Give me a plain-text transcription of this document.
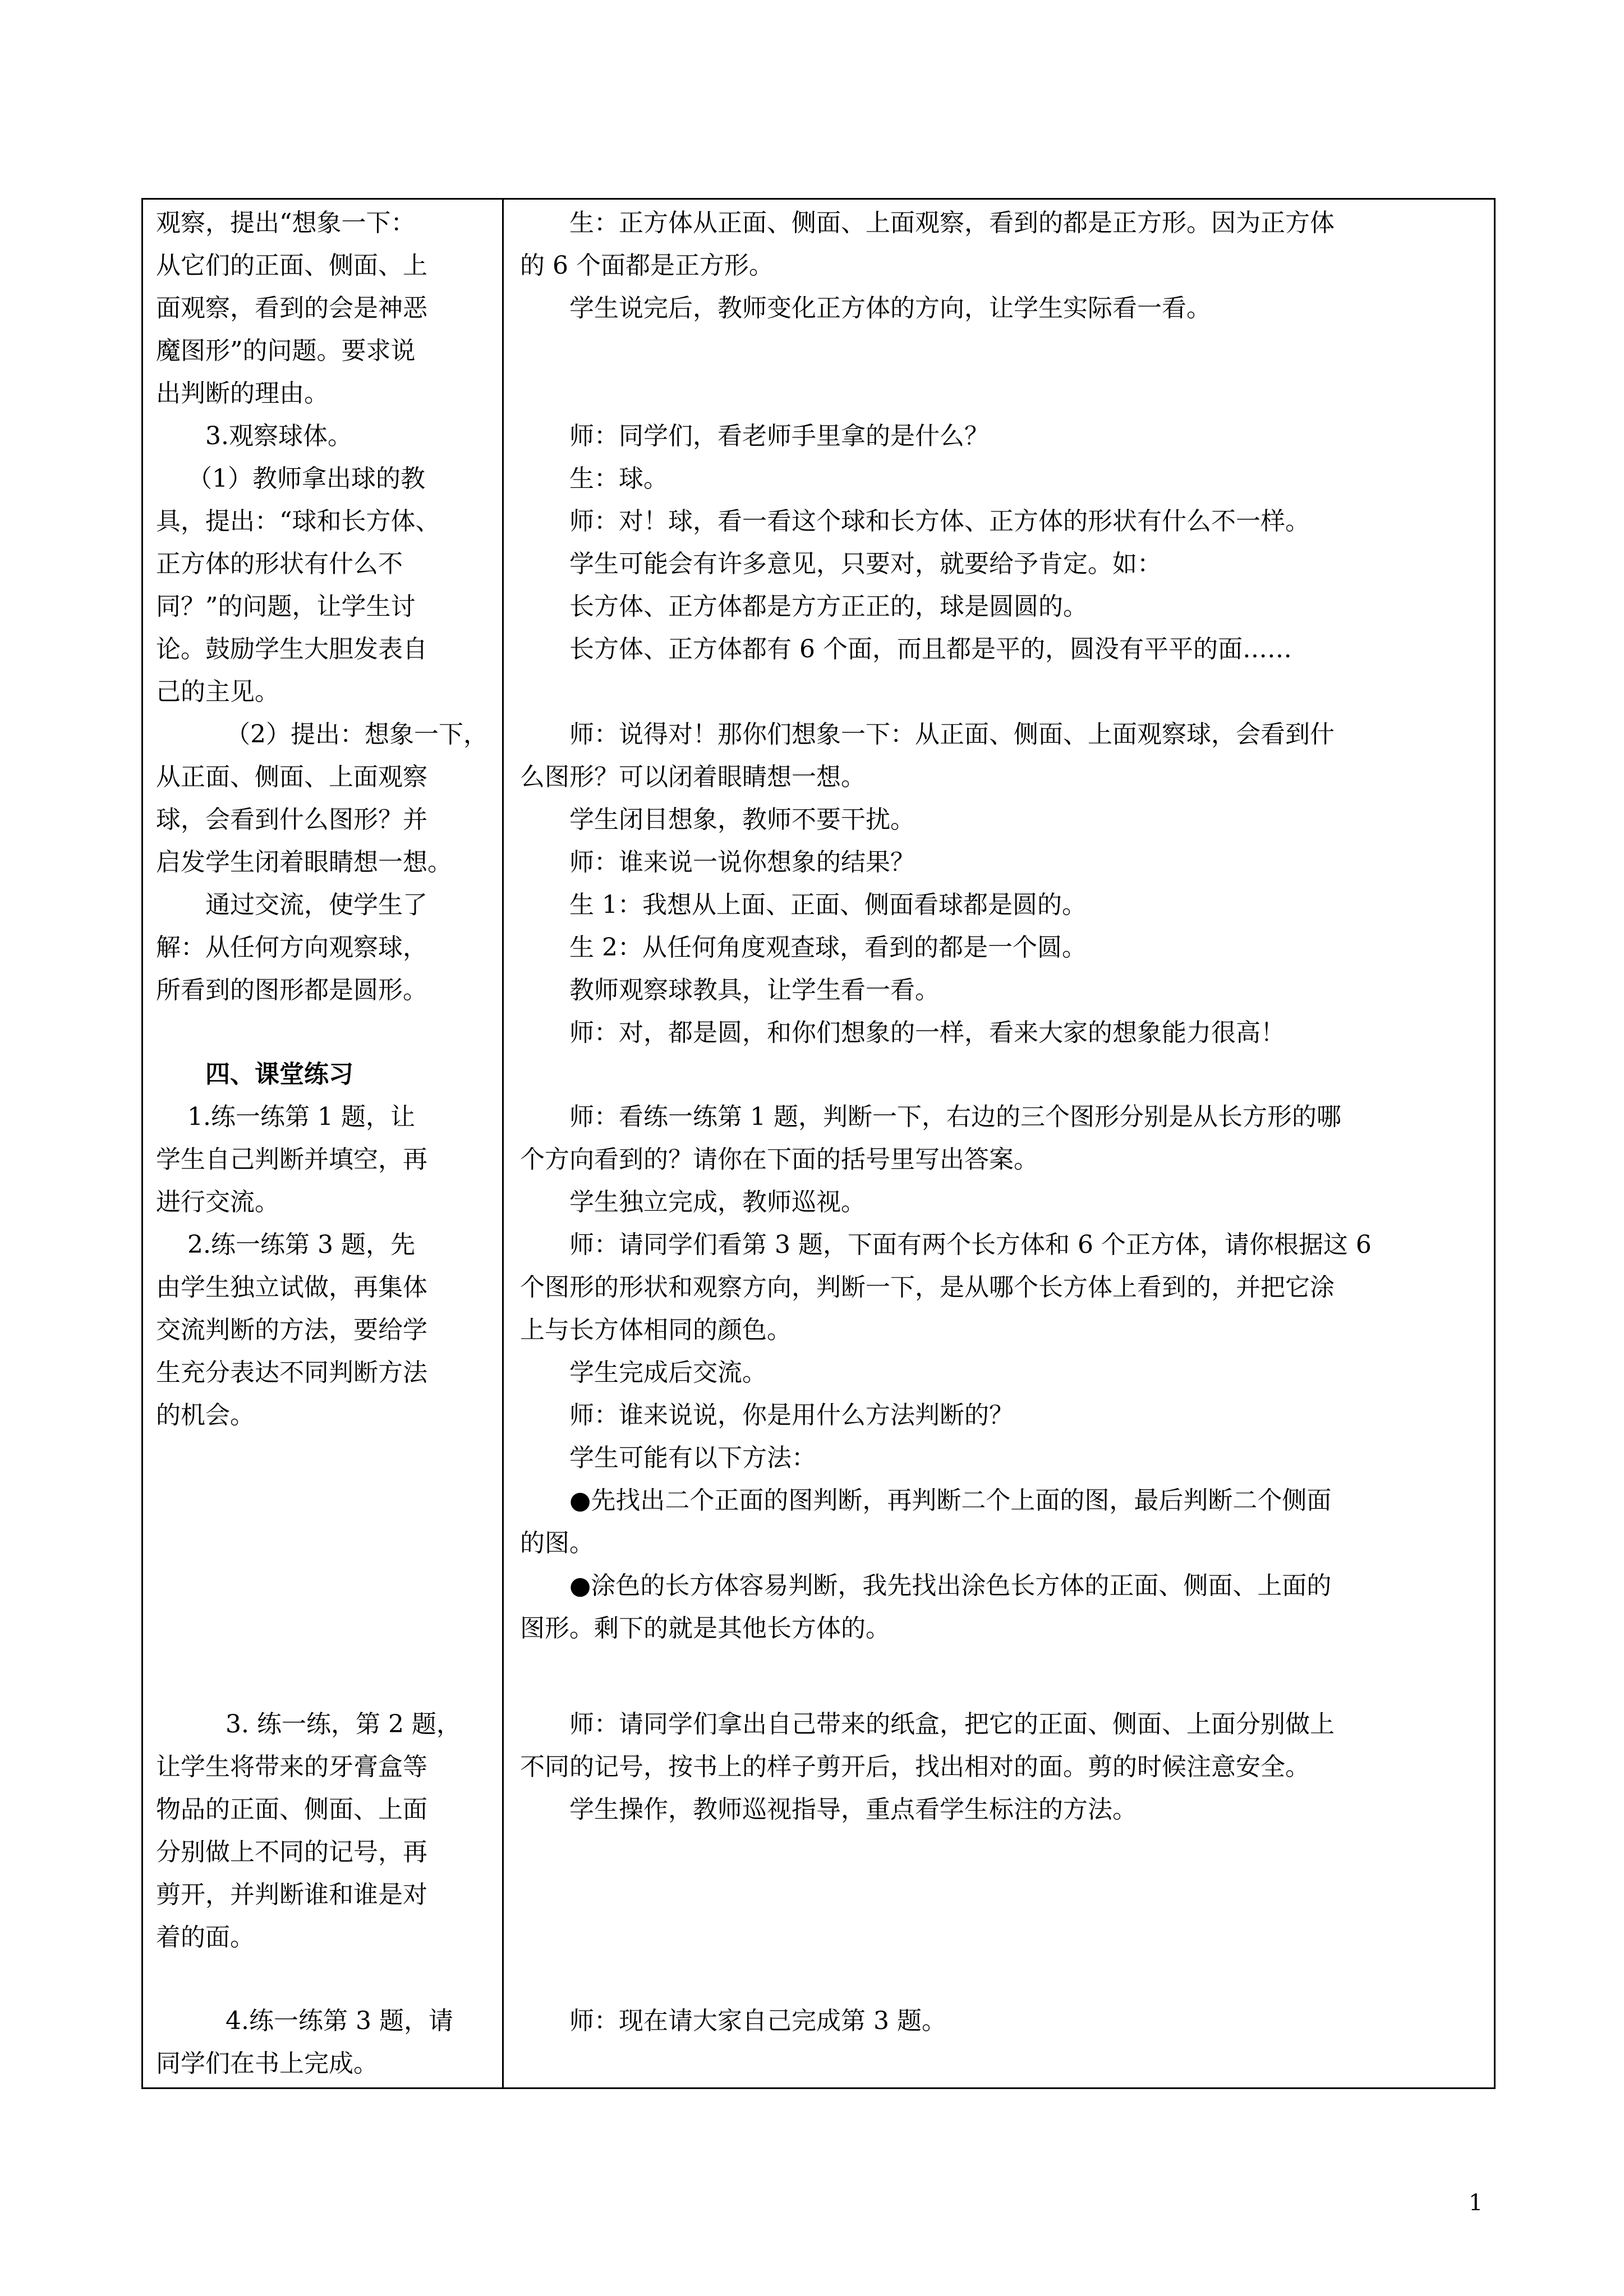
观察，提出“想象一下：
从它们的正面、侧面、上
面观察，看到的会是神恶
魔图形”的问题。要求说
出判断的理由。
3.观察球体。
（1）教师拿出球的教
具，提出：“球和长方体、
正方体的形状有什么不
同？”的问题，让学生讨
论。鼓励学生大胆发表自
己的主见。
（2）提出：想象一下，
从正面、侧面、上面观察
球，会看到什么图形？并
启发学生闭着眼睛想一想。
通过交流，使学生了
解：从任何方向观察球，
所看到的图形都是圆形。
四、课堂练习
1.练一练第 1 题，让
学生自己判断并填空，再
进行交流。
2.练一练第 3 题，先
由学生独立试做，再集体
交流判断的方法，要给学
生充分表达不同判断方法
的机会。
3. 练一练，第 2 题，
让学生将带来的牙膏盒等
物品的正面、侧面、上面
分别做上不同的记号，再
剪开，并判断谁和谁是对
着的面。
4.练一练第 3 题，请
同学们在书上完成。
生：正方体从正面、侧面、上面观察，看到的都是正方形。因为正方体
的 6 个面都是正方形。
学生说完后，教师变化正方体的方向，让学生实际看一看。
师：同学们，看老师手里拿的是什么？
生：球。
师：对！球，看一看这个球和长方体、正方体的形状有什么不一样。
学生可能会有许多意见，只要对，就要给予肯定。如：
长方体、正方体都是方方正正的，球是圆圆的。
长方体、正方体都有 6 个面，而且都是平的，圆没有平平的面……
师：说得对！那你们想象一下：从正面、侧面、上面观察球，会看到什
么图形？可以闭着眼睛想一想。
学生闭目想象，教师不要干扰。
师：谁来说一说你想象的结果？
生 1：我想从上面、正面、侧面看球都是圆的。
生 2：从任何角度观查球，看到的都是一个圆。
教师观察球教具，让学生看一看。
师：对，都是圆，和你们想象的一样，看来大家的想象能力很高！
师：看练一练第 1 题，判断一下，右边的三个图形分别是从长方形的哪
个方向看到的？请你在下面的括号里写出答案。
学生独立完成，教师巡视。
师：请同学们看第 3 题，下面有两个长方体和 6 个正方体，请你根据这 6
个图形的形状和观察方向，判断一下，是从哪个长方体上看到的，并把它涂
上与长方体相同的颜色。
学生完成后交流。
师：谁来说说，你是用什么方法判断的？
学生可能有以下方法：
●先找出二个正面的图判断，再判断二个上面的图，最后判断二个侧面
的图。
●涂色的长方体容易判断，我先找出涂色长方体的正面、侧面、上面的
图形。剩下的就是其他长方体的。
师：请同学们拿出自己带来的纸盒，把它的正面、侧面、上面分别做上
不同的记号，按书上的样子剪开后，找出相对的面。剪的时候注意安全。
学生操作，教师巡视指导，重点看学生标注的方法。
师：现在请大家自己完成第 3 题。
1
